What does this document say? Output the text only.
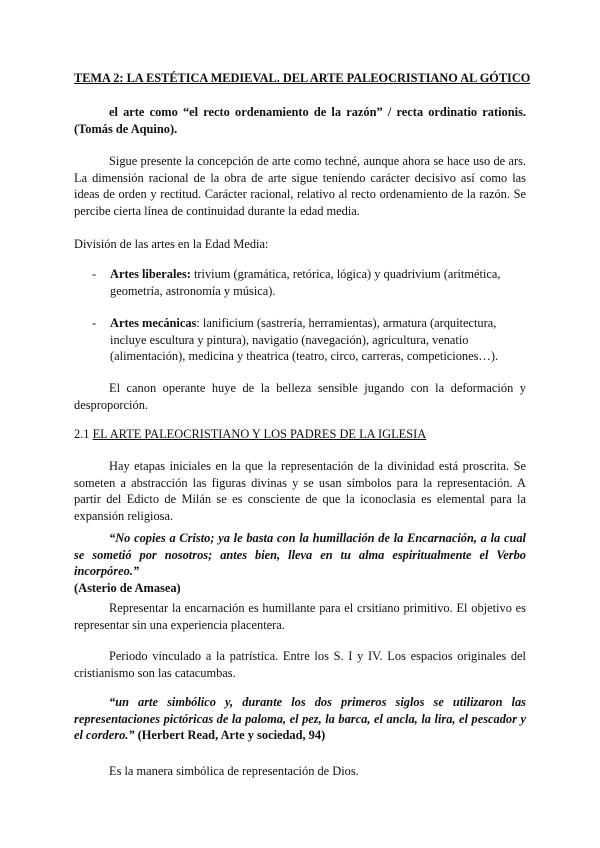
TEMA 2: LA ESTÉTICA MEDIEVAL. DEL ARTE PALEOCRISTIANO AL GÓTICO

el arte como “el recto ordenamiento de la razón” / recta ordinatio rationis. (Tomás de Aquino).

Sigue presente la concepción de arte como techné, aunque ahora se hace uso de ars. La dimensión racional de la obra de arte sigue teniendo carácter decisivo así como las ideas de orden y rectitud. Carácter racional, relativo al recto ordenamiento de la razón. Se percibe cierta línea de continuidad durante la edad media.

División de las artes en la Edad Media:

- Artes liberales: trivium (gramática, retórica, lógica) y quadrivium (aritmética, geometría, astronomía y música).
- Artes mecánicas: lanificium (sastrería, herramientas), armatura (arquitectura, incluye escultura y pintura), navigatio (navegación), agricultura, venatio (alimentación), medicina y theatrica (teatro, circo, carreras, competiciones…).

El canon operante huye de la belleza sensible jugando con la deformación y desproporción.

2.1 EL ARTE PALEOCRISTIANO Y LOS PADRES DE LA IGLESIA

Hay etapas iniciales en la que la representación de la divinidad está proscrita. Se someten a abstracción las figuras divinas y se usan símbolos para la representación. A partir del Edicto de Milán se es consciente de que la iconoclasia es elemental para la expansión religiosa.

“No copies a Cristo; ya le basta con la humillación de la Encarnación, a la cual se sometió por nosotros; antes bien, lleva en tu alma espiritualmente el Verbo incorpóreo.”
(Asterio de Amasea)

Representar la encarnación es humillante para el crsitiano primitivo. El objetivo es representar sin una experiencia placentera.

Periodo vinculado a la patrística. Entre los S. I y IV. Los espacios originales del cristianismo son las catacumbas.

“un arte simbólico y, durante los dos primeros siglos se utilizaron las representaciones pictóricas de la paloma, el pez, la barca, el ancla, la lira, el pescador y el cordero.” (Herbert Read, Arte y sociedad, 94)

Es la manera simbólica de representación de Dios.
